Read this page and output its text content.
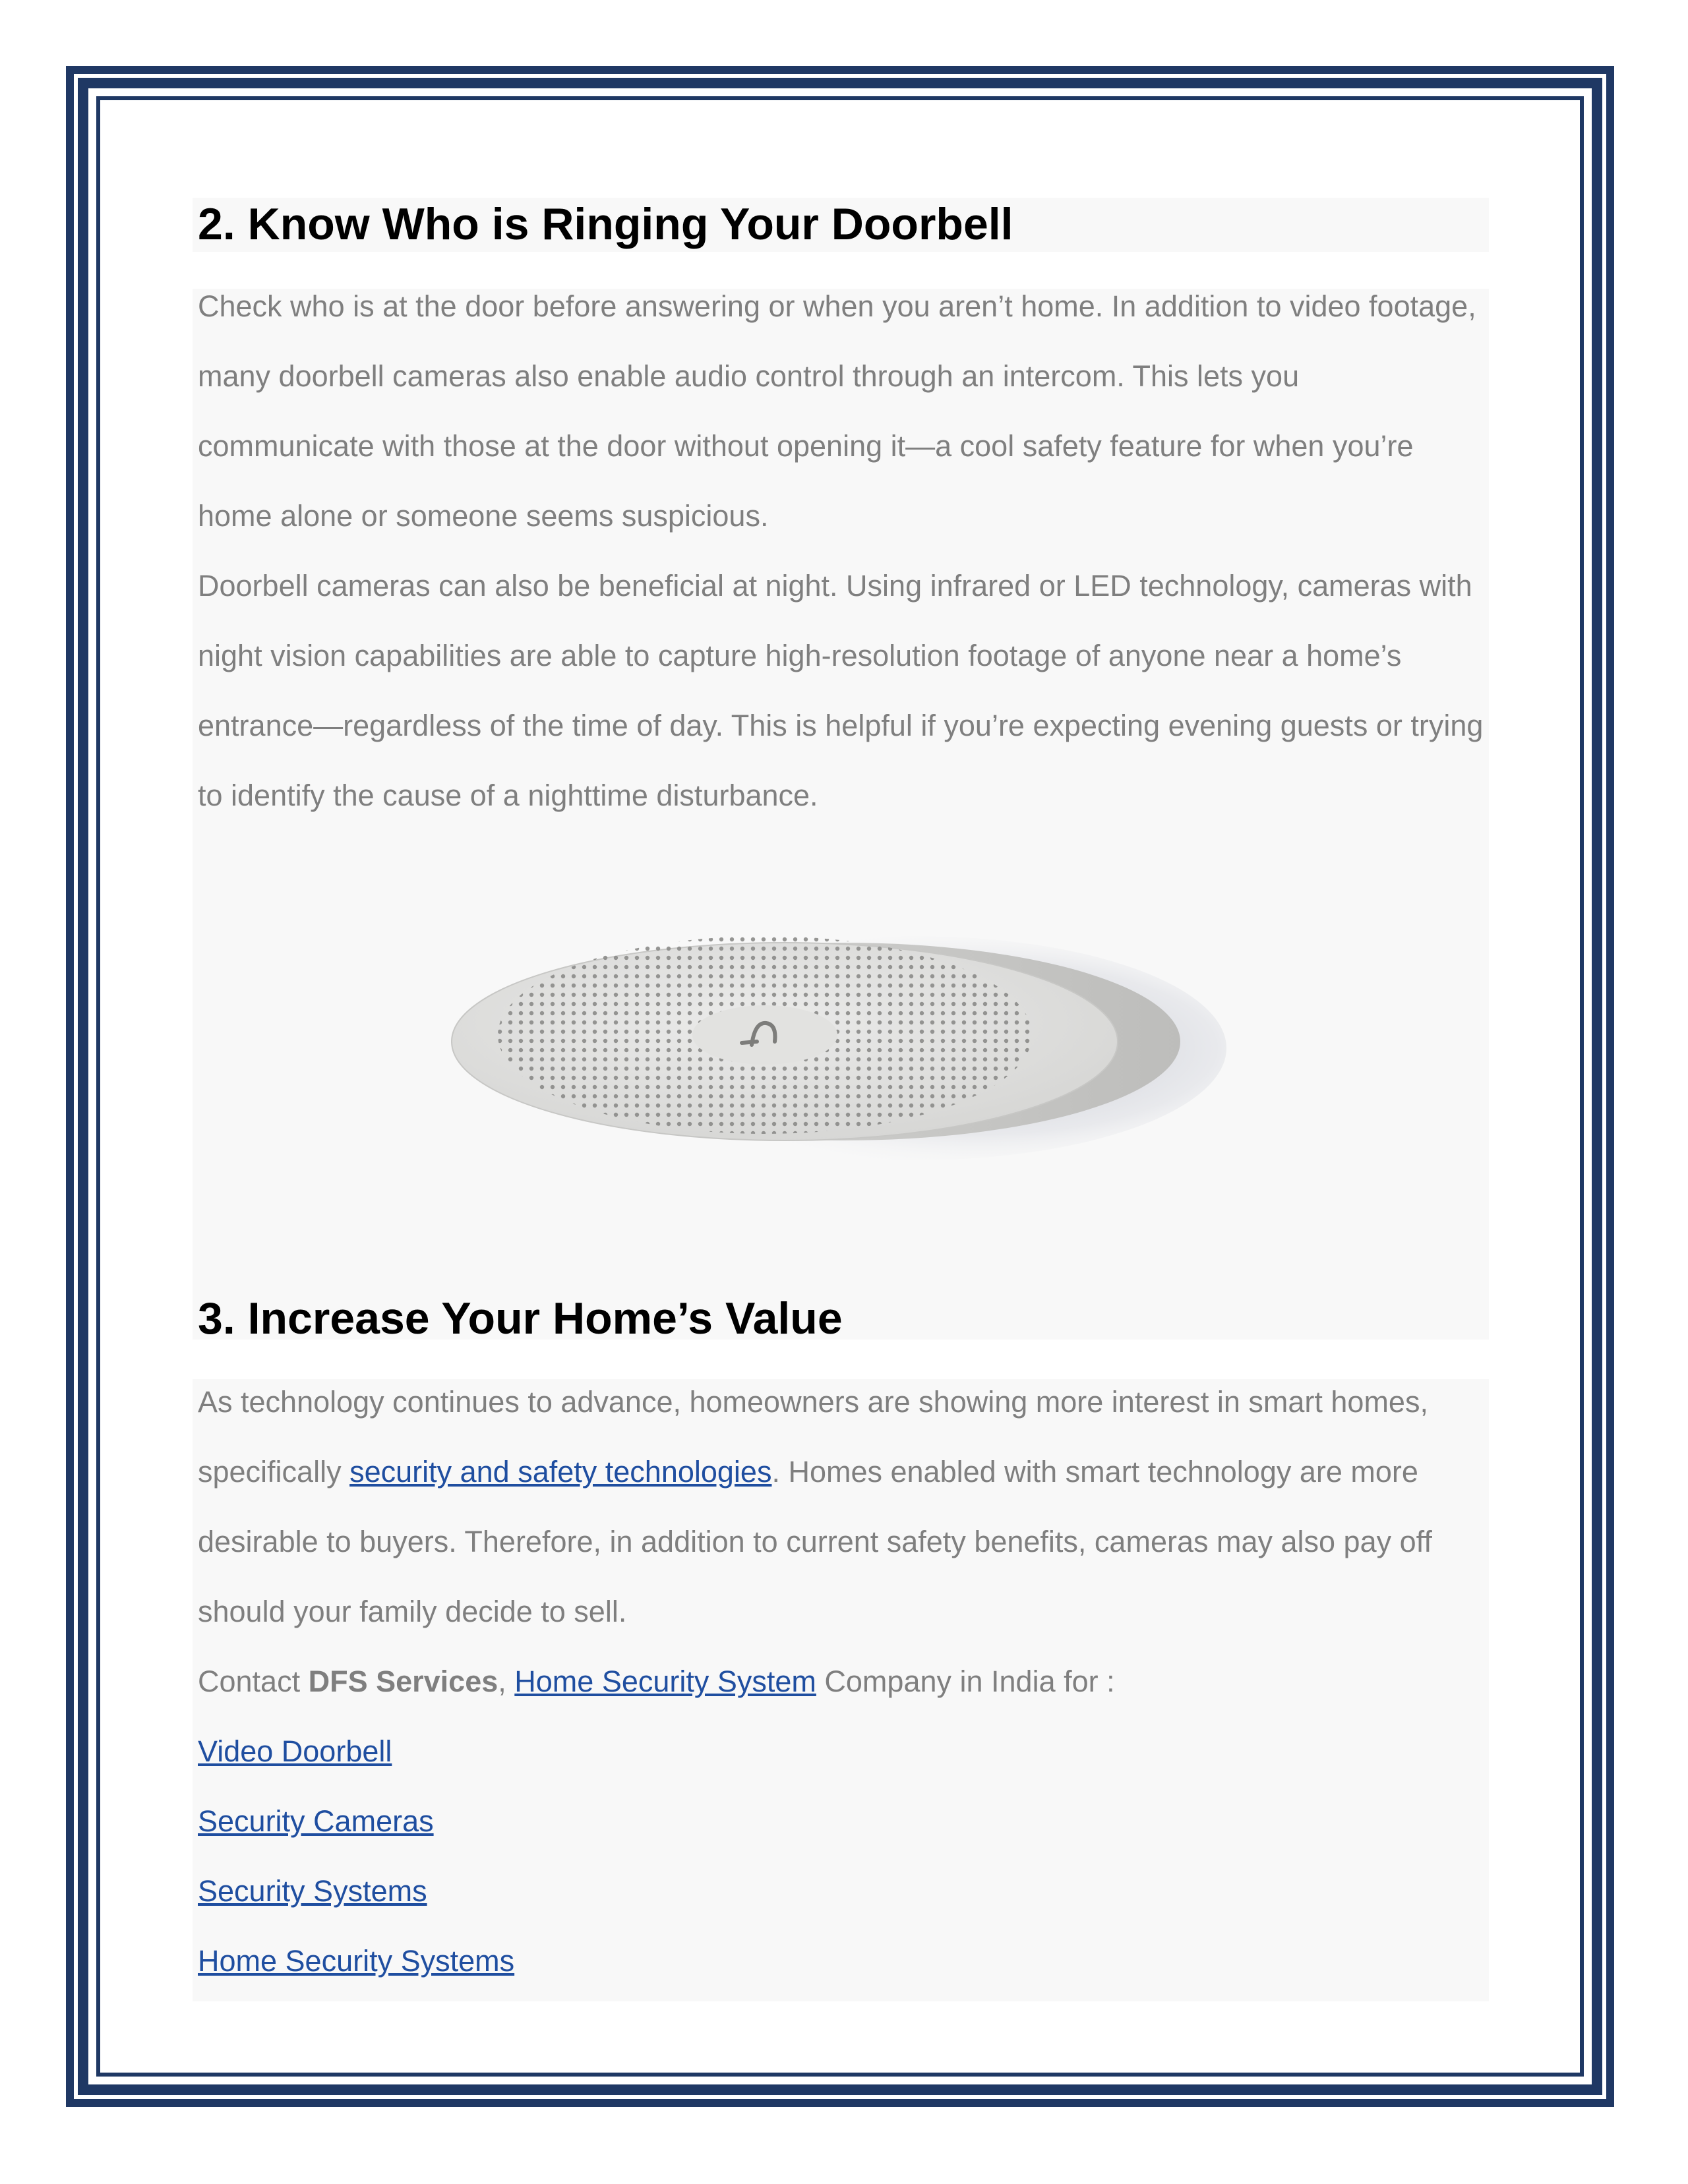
2. Know Who is Ringing Your Doorbell

Check who is at the door before answering or when you aren’t home. In addition to video footage, many doorbell cameras also enable audio control through an intercom. This lets you communicate with those at the door without opening it—a cool safety feature for when you’re home alone or someone seems suspicious.

Doorbell cameras can also be beneficial at night. Using infrared or LED technology, cameras with night vision capabilities are able to capture high-resolution footage of anyone near a home’s entrance—regardless of the time of day. This is helpful if you’re expecting evening guests or trying to identify the cause of a nighttime disturbance.

3. Increase Your Home’s Value

As technology continues to advance, homeowners are showing more interest in smart homes, specifically security and safety technologies. Homes enabled with smart technology are more desirable to buyers. Therefore, in addition to current safety benefits, cameras may also pay off should your family decide to sell.

Contact DFS Services, Home Security System Company in India for :

Video Doorbell
Security Cameras
Security Systems
Home Security Systems
